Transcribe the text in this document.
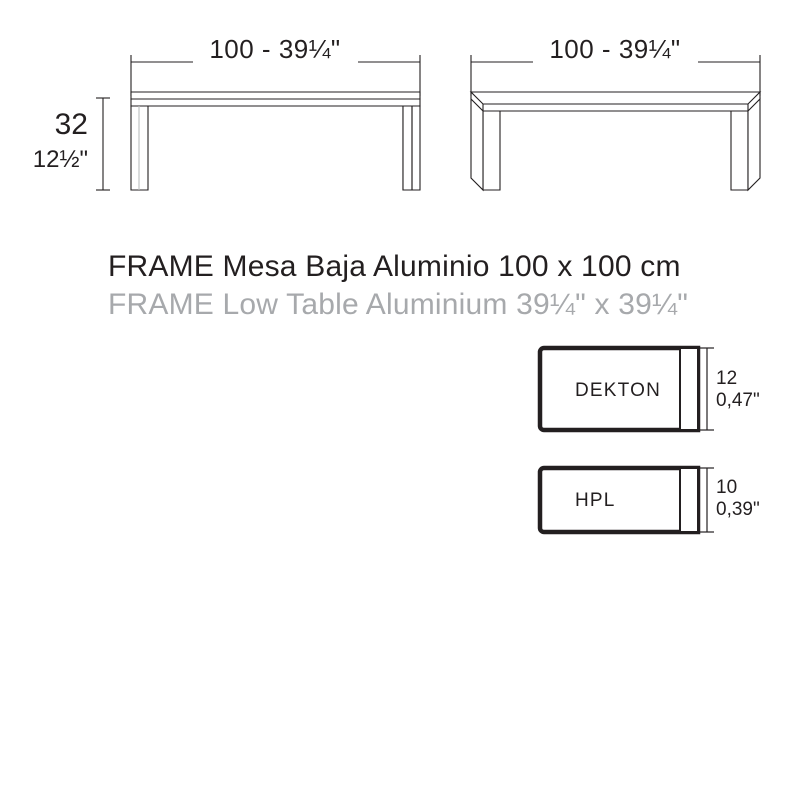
100 - 39¼"	100 - 39¼"
32
12½"
FRAME Mesa Baja Aluminio 100 x 100 cm
FRAME Low Table Aluminium 39¼" x 39¼"
DEKTON
12
0,47"
HPL
10
0,39"
